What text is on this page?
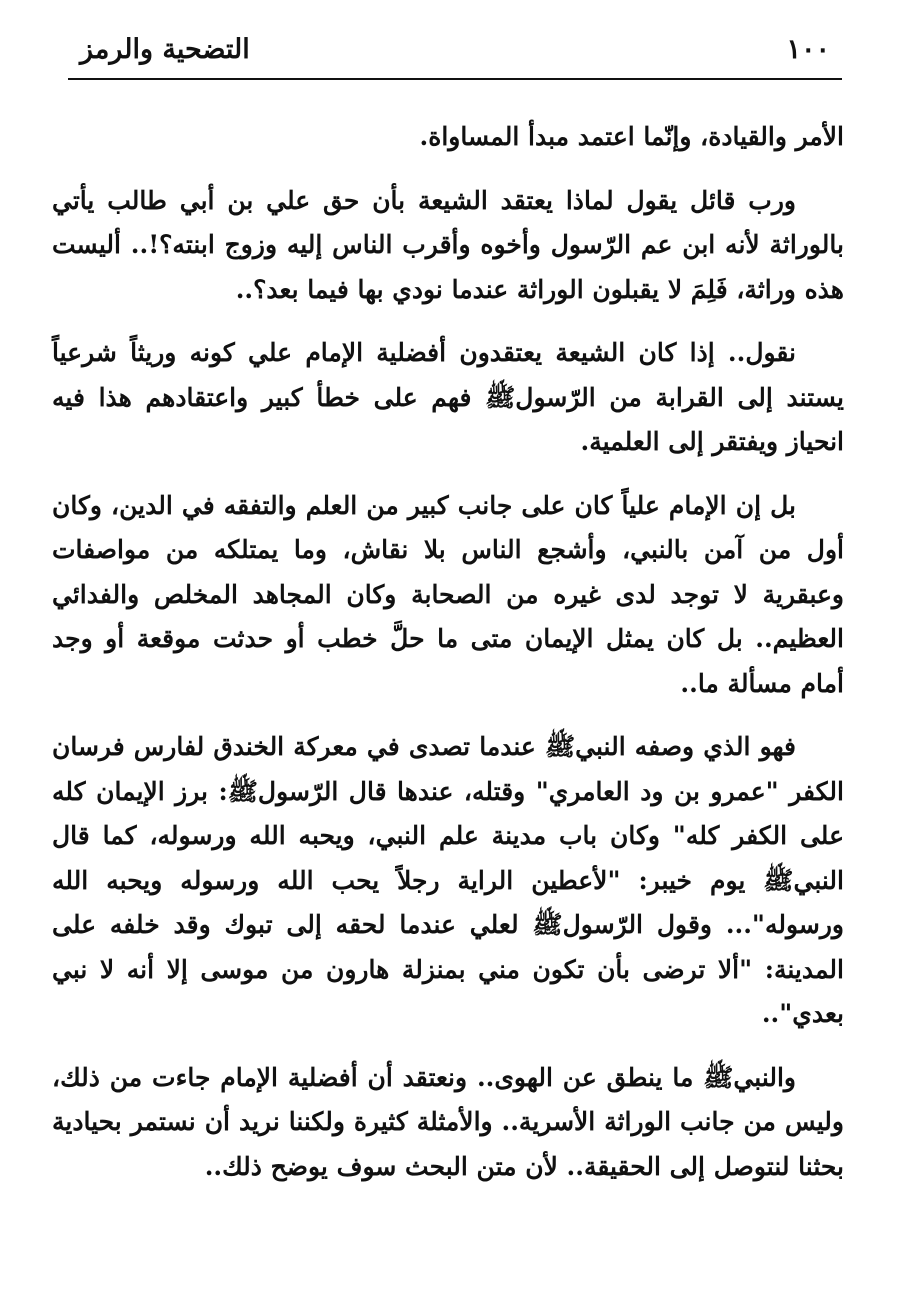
١٠٠
التضحية والرمز

الأمر والقيادة، وإنّما اعتمد مبدأ المساواة.

ورب قائل يقول لماذا يعتقد الشيعة بأن حق علي بن أبي طالب يأتي بالوراثة لأنه ابن عم الرّسول وأخوه وأقرب الناس إليه وزوج ابنته؟!.. أليست هذه وراثة، فَلِمَ لا يقبلون الوراثة عندما نودي بها فيما بعد؟..

نقول.. إذا كان الشيعة يعتقدون أفضلية الإمام علي كونه وريثاً شرعياً يستند إلى القرابة من الرّسولﷺ فهم على خطأ كبير واعتقادهم هذا فيه انحياز ويفتقر إلى العلمية.

بل إن الإمام علياً كان على جانب كبير من العلم والتفقه في الدين، وكان أول من آمن بالنبي، وأشجع الناس بلا نقاش، وما يمتلكه من مواصفات وعبقرية لا توجد لدى غيره من الصحابة وكان المجاهد المخلص والفدائي العظيم.. بل كان يمثل الإيمان متى ما حلَّ خطب أو حدثت موقعة أو وجد أمام مسألة ما..

فهو الذي وصفه النبيﷺ عندما تصدى في معركة الخندق لفارس فرسان الكفر "عمرو بن ود العامري" وقتله، عندها قال الرّسولﷺ: برز الإيمان كله على الكفر كله" وكان باب مدينة علم النبي، ويحبه الله ورسوله، كما قال النبيﷺ يوم خيبر: "لأعطين الراية رجلاً يحب الله ورسوله ويحبه الله ورسوله"... وقول الرّسولﷺ لعلي عندما لحقه إلى تبوك وقد خلفه على المدينة: "ألا ترضى بأن تكون مني بمنزلة هارون من موسى إلا أنه لا نبي بعدي"..

والنبيﷺ ما ينطق عن الهوى.. ونعتقد أن أفضلية الإمام جاءت من ذلك، وليس من جانب الوراثة الأسرية.. والأمثلة كثيرة ولكننا نريد أن نستمر بحيادية بحثنا لنتوصل إلى الحقيقة.. لأن متن البحث سوف يوضح ذلك..
